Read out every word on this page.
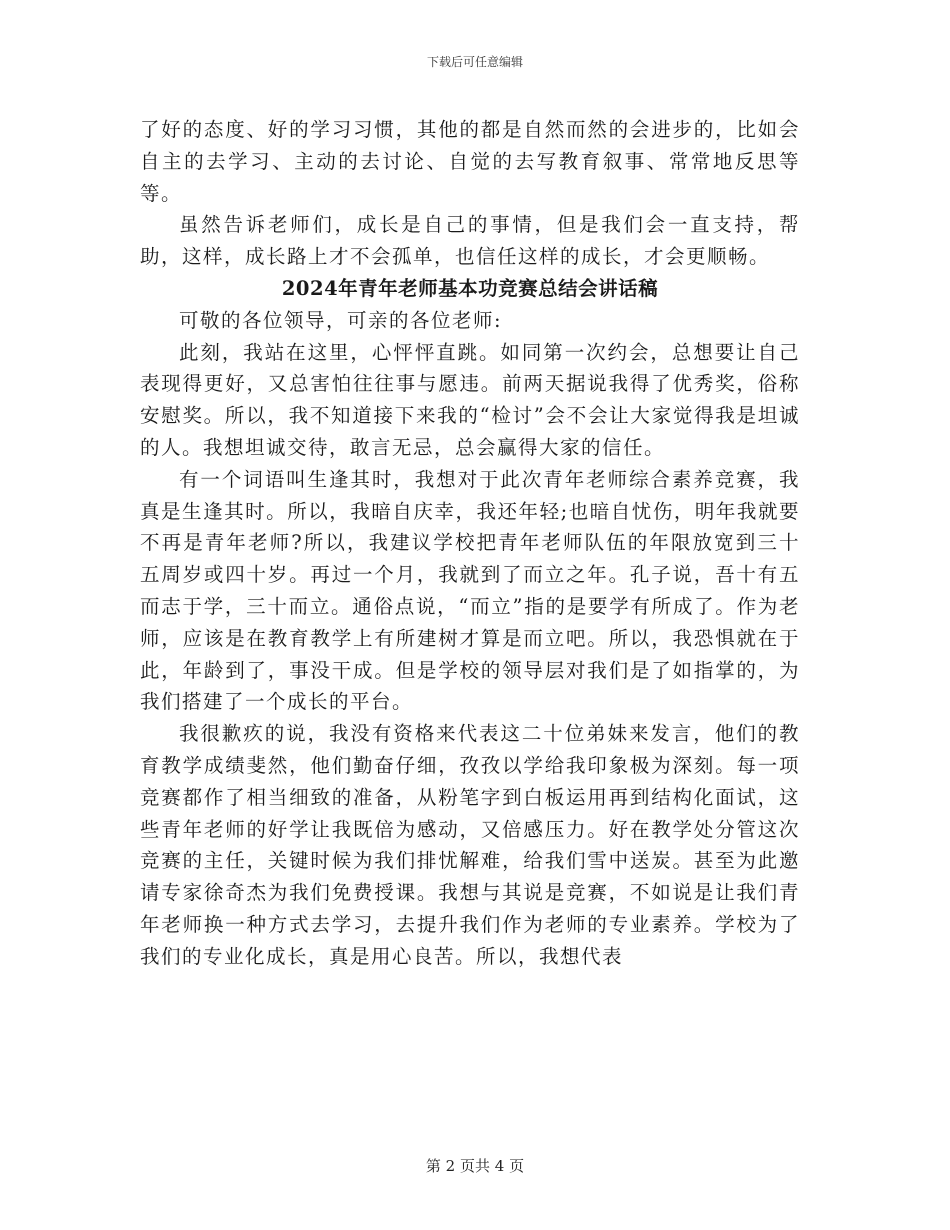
下载后可任意编辑

了好的态度、好的学习习惯，其他的都是自然而然的会进步的，比如会自主的去学习、主动的去讨论、自觉的去写教育叙事、常常地反思等等。

虽然告诉老师们，成长是自己的事情，但是我们会一直支持，帮助，这样，成长路上才不会孤单，也信任这样的成长，才会更顺畅。

2024年青年老师基本功竞赛总结会讲话稿

可敬的各位领导，可亲的各位老师:

此刻，我站在这里，心怦怦直跳。如同第一次约会，总想要让自己表现得更好，又总害怕往往事与愿违。前两天据说我得了优秀奖，俗称安慰奖。所以，我不知道接下来我的“检讨”会不会让大家觉得我是坦诚的人。我想坦诚交待，敢言无忌，总会赢得大家的信任。

有一个词语叫生逢其时，我想对于此次青年老师综合素养竞赛，我真是生逢其时。所以，我暗自庆幸，我还年轻;也暗自忧伤，明年我就要不再是青年老师?所以，我建议学校把青年老师队伍的年限放宽到三十五周岁或四十岁。再过一个月，我就到了而立之年。孔子说，吾十有五而志于学，三十而立。通俗点说，“而立”指的是要学有所成了。作为老师，应该是在教育教学上有所建树才算是而立吧。所以，我恐惧就在于此，年龄到了，事没干成。但是学校的领导层对我们是了如指掌的，为我们搭建了一个成长的平台。

我很歉疚的说，我没有资格来代表这二十位弟妹来发言，他们的教育教学成绩斐然，他们勤奋仔细，孜孜以学给我印象极为深刻。每一项竞赛都作了相当细致的准备，从粉笔字到白板运用再到结构化面试，这些青年老师的好学让我既倍为感动，又倍感压力。好在教学处分管这次竞赛的主任，关键时候为我们排忧解难，给我们雪中送炭。甚至为此邀请专家徐奇杰为我们免费授课。我想与其说是竞赛，不如说是让我们青年老师换一种方式去学习，去提升我们作为老师的专业素养。学校为了我们的专业化成长，真是用心良苦。所以，我想代表

第 2 页共 4 页
